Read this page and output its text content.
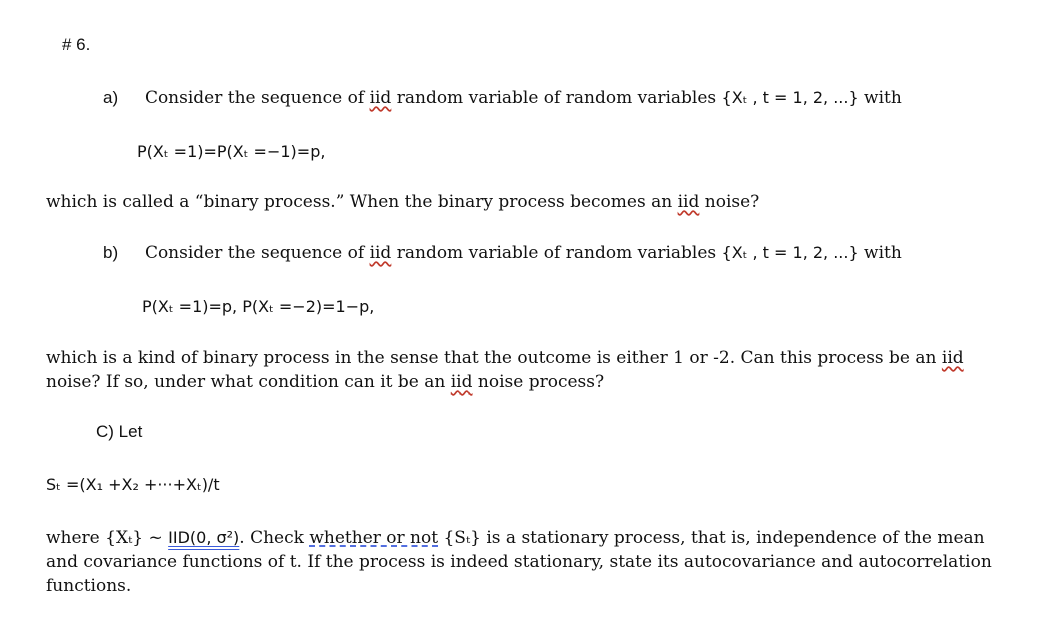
# 6.
a) Consider the sequence of iid random variable of random variables {Xₜ , t = 1, 2, ...} with
P(Xₜ =1)=P(Xₜ =−1)=p,
which is called a “binary process.” When the binary process becomes an iid noise?
b) Consider the sequence of iid random variable of random variables {Xₜ , t = 1, 2, ...} with
P(Xₜ =1)=p, P(Xₜ =−2)=1−p,
which is a kind of binary process in the sense that the outcome is either 1 or -2. Can this process be an iid
noise? If so, under what condition can it be an iid noise process?
C) Let
Sₜ =(X₁ +X₂ +···+Xₜ)/t
where {Xₜ} ~ IID(0, σ²). Check whether or not {Sₜ} is a stationary process, that is, independence of the mean
and covariance functions of t. If the process is indeed stationary, state its autocovariance and autocorrelation
functions.
